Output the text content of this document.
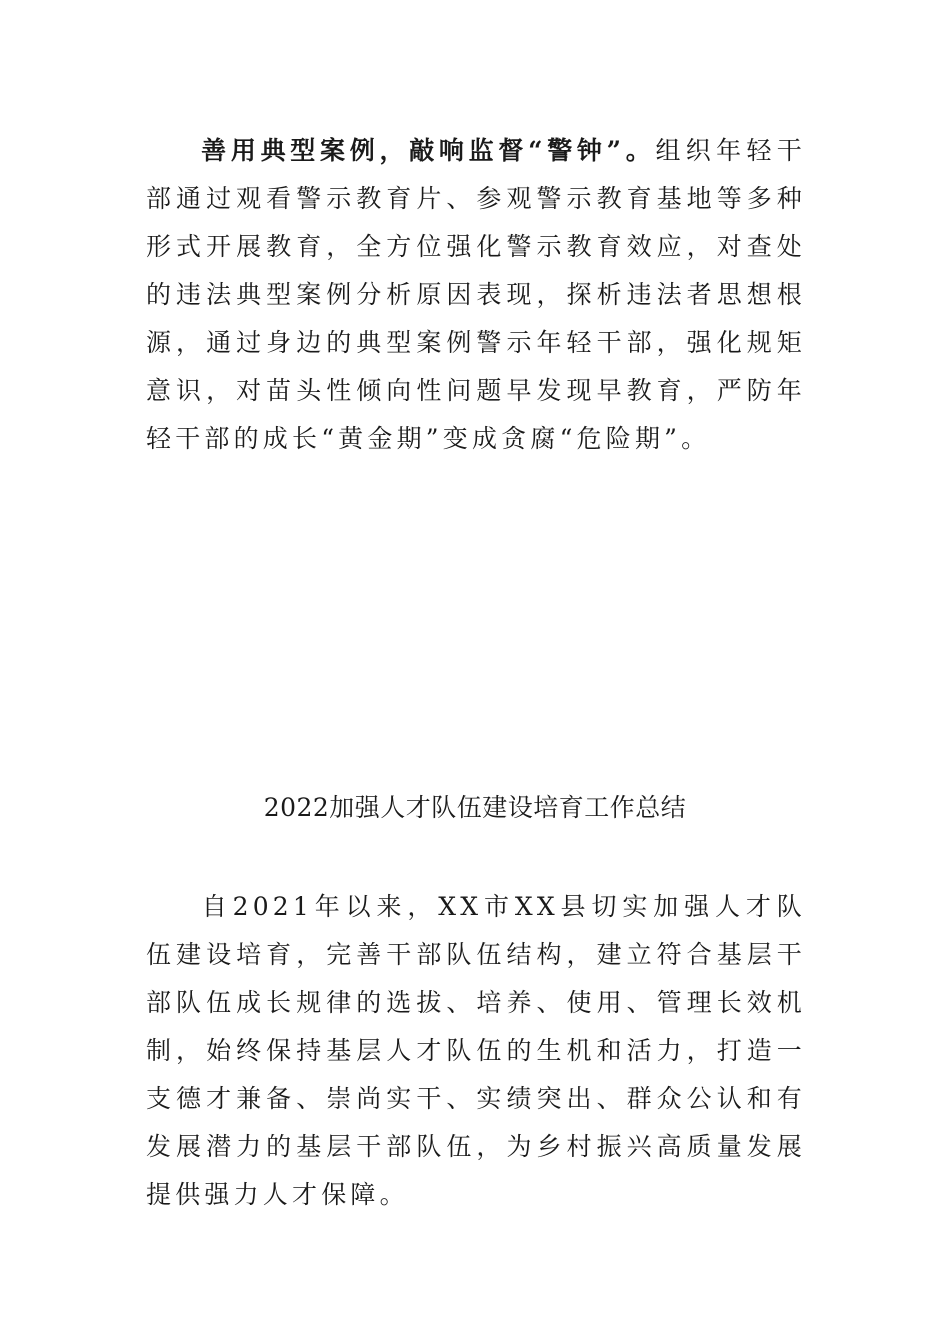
善用典型案例，敲响监督“警钟”。组织年轻干部通过观看警示教育片、参观警示教育基地等多种形式开展教育，全方位强化警示教育效应，对查处的违法典型案例分析原因表现，探析违法者思想根源，通过身边的典型案例警示年轻干部，强化规矩意识，对苗头性倾向性问题早发现早教育，严防年轻干部的成长“黄金期”变成贪腐“危险期”。

2022加强人才队伍建设培育工作总结

自2021年以来，XX市XX县切实加强人才队伍建设培育，完善干部队伍结构，建立符合基层干部队伍成长规律的选拔、培养、使用、管理长效机制，始终保持基层人才队伍的生机和活力，打造一支德才兼备、崇尚实干、实绩突出、群众公认和有发展潜力的基层干部队伍，为乡村振兴高质量发展提供强力人才保障。
